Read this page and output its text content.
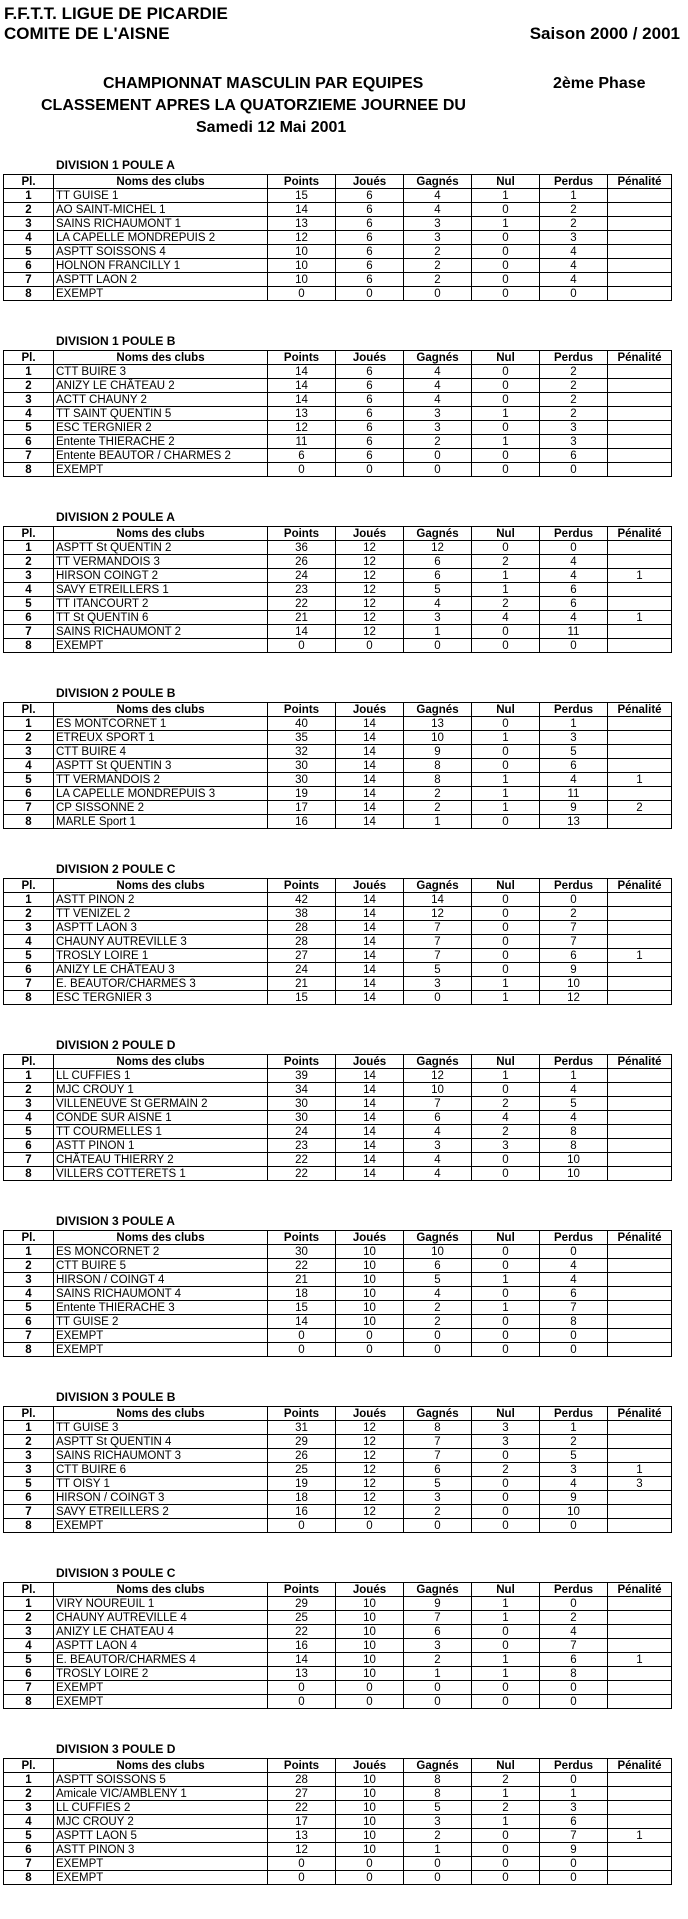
F.F.T.T. LIGUE DE PICARDIE
COMITE DE L'AISNE	Saison 2000 / 2001
CHAMPIONNAT MASCULIN PAR EQUIPES	2ème Phase
CLASSEMENT APRES LA QUATORZIEME JOURNEE DU
Samedi 12 Mai 2001
DIVISION 1 POULE A
Pl.	Noms des clubs	Points	Joués	Gagnés	Nul	Perdus	Pénalité
1	TT GUISE 1	15	6	4	1	1	
2	AO SAINT-MICHEL 1	14	6	4	0	2	
3	SAINS RICHAUMONT 1	13	6	3	1	2	
4	LA CAPELLE MONDREPUIS 2	12	6	3	0	3	
5	ASPTT SOISSONS 4	10	6	2	0	4	
6	HOLNON FRANCILLY 1	10	6	2	0	4	
7	ASPTT LAON 2	10	6	2	0	4	
8	EXEMPT	0	0	0	0	0	
DIVISION 1 POULE B
Pl.	Noms des clubs	Points	Joués	Gagnés	Nul	Perdus	Pénalité
1	CTT BUIRE 3	14	6	4	0	2	
2	ANIZY LE CHÂTEAU 2	14	6	4	0	2	
3	ACTT CHAUNY 2	14	6	4	0	2	
4	TT SAINT QUENTIN 5	13	6	3	1	2	
5	ESC TERGNIER 2	12	6	3	0	3	
6	Entente THIERACHE 2	11	6	2	1	3	
7	Entente BEAUTOR / CHARMES 2	6	6	0	0	6	
8	EXEMPT	0	0	0	0	0	
DIVISION 2 POULE A
Pl.	Noms des clubs	Points	Joués	Gagnés	Nul	Perdus	Pénalité
1	ASPTT St QUENTIN 2	36	12	12	0	0	
2	TT VERMANDOIS 3	26	12	6	2	4	
3	HIRSON COINGT 2	24	12	6	1	4	1
4	SAVY ETREILLERS 1	23	12	5	1	6	
5	TT ITANCOURT 2	22	12	4	2	6	
6	TT St QUENTIN 6	21	12	3	4	4	1
7	SAINS RICHAUMONT 2	14	12	1	0	11	
8	EXEMPT	0	0	0	0	0	
DIVISION 2 POULE B
Pl.	Noms des clubs	Points	Joués	Gagnés	Nul	Perdus	Pénalité
1	ES MONTCORNET 1	40	14	13	0	1	
2	ETREUX SPORT 1	35	14	10	1	3	
3	CTT BUIRE 4	32	14	9	0	5	
4	ASPTT St QUENTIN 3	30	14	8	0	6	
5	TT VERMANDOIS 2	30	14	8	1	4	1
6	LA CAPELLE MONDREPUIS 3	19	14	2	1	11	
7	CP SISSONNE 2	17	14	2	1	9	2
8	MARLE Sport 1	16	14	1	0	13	
DIVISION 2 POULE C
Pl.	Noms des clubs	Points	Joués	Gagnés	Nul	Perdus	Pénalité
1	ASTT PINON 2	42	14	14	0	0	
2	TT VENIZEL 2	38	14	12	0	2	
3	ASPTT LAON 3	28	14	7	0	7	
4	CHAUNY AUTREVILLE 3	28	14	7	0	7	
5	TROSLY LOIRE 1	27	14	7	0	6	1
6	ANIZY LE CHÂTEAU 3	24	14	5	0	9	
7	E. BEAUTOR/CHARMES 3	21	14	3	1	10	
8	ESC TERGNIER 3	15	14	0	1	12	
DIVISION 2 POULE D
Pl.	Noms des clubs	Points	Joués	Gagnés	Nul	Perdus	Pénalité
1	LL CUFFIES 1	39	14	12	1	1	
2	MJC CROUY 1	34	14	10	0	4	
3	VILLENEUVE St GERMAIN 2	30	14	7	2	5	
4	CONDE SUR AISNE 1	30	14	6	4	4	
5	TT COURMELLES 1	24	14	4	2	8	
6	ASTT PINON 1	23	14	3	3	8	
7	CHÂTEAU THIERRY 2	22	14	4	0	10	
8	VILLERS COTTERETS 1	22	14	4	0	10	
DIVISION 3 POULE A
Pl.	Noms des clubs	Points	Joués	Gagnés	Nul	Perdus	Pénalité
1	ES MONCORNET 2	30	10	10	0	0	
2	CTT BUIRE 5	22	10	6	0	4	
3	HIRSON / COINGT 4	21	10	5	1	4	
4	SAINS RICHAUMONT 4	18	10	4	0	6	
5	Entente THIERACHE 3	15	10	2	1	7	
6	TT GUISE 2	14	10	2	0	8	
7	EXEMPT	0	0	0	0	0	
8	EXEMPT	0	0	0	0	0	
DIVISION 3 POULE B
Pl.	Noms des clubs	Points	Joués	Gagnés	Nul	Perdus	Pénalité
1	TT GUISE 3	31	12	8	3	1	
2	ASPTT St QUENTIN 4	29	12	7	3	2	
3	SAINS RICHAUMONT 3	26	12	7	0	5	
3	CTT BUIRE 6	25	12	6	2	3	1
5	TT OISY 1	19	12	5	0	4	3
6	HIRSON / COINGT 3	18	12	3	0	9	
7	SAVY ETREILLERS 2	16	12	2	0	10	
8	EXEMPT	0	0	0	0	0	
DIVISION 3 POULE C
Pl.	Noms des clubs	Points	Joués	Gagnés	Nul	Perdus	Pénalité
1	VIRY NOUREUIL 1	29	10	9	1	0	
2	CHAUNY AUTREVILLE 4	25	10	7	1	2	
3	ANIZY LE CHATEAU 4	22	10	6	0	4	
4	ASPTT LAON 4	16	10	3	0	7	
5	E. BEAUTOR/CHARMES 4	14	10	2	1	6	1
6	TROSLY LOIRE 2	13	10	1	1	8	
7	EXEMPT	0	0	0	0	0	
8	EXEMPT	0	0	0	0	0	
DIVISION 3 POULE D
Pl.	Noms des clubs	Points	Joués	Gagnés	Nul	Perdus	Pénalité
1	ASPTT SOISSONS 5	28	10	8	2	0	
2	Amicale VIC/AMBLENY 1	27	10	8	1	1	
3	LL CUFFIES 2	22	10	5	2	3	
4	MJC CROUY 2	17	10	3	1	6	
5	ASPTT LAON 5	13	10	2	0	7	1
6	ASTT PINON 3	12	10	1	0	9	
7	EXEMPT	0	0	0	0	0	
8	EXEMPT	0	0	0	0	0	
